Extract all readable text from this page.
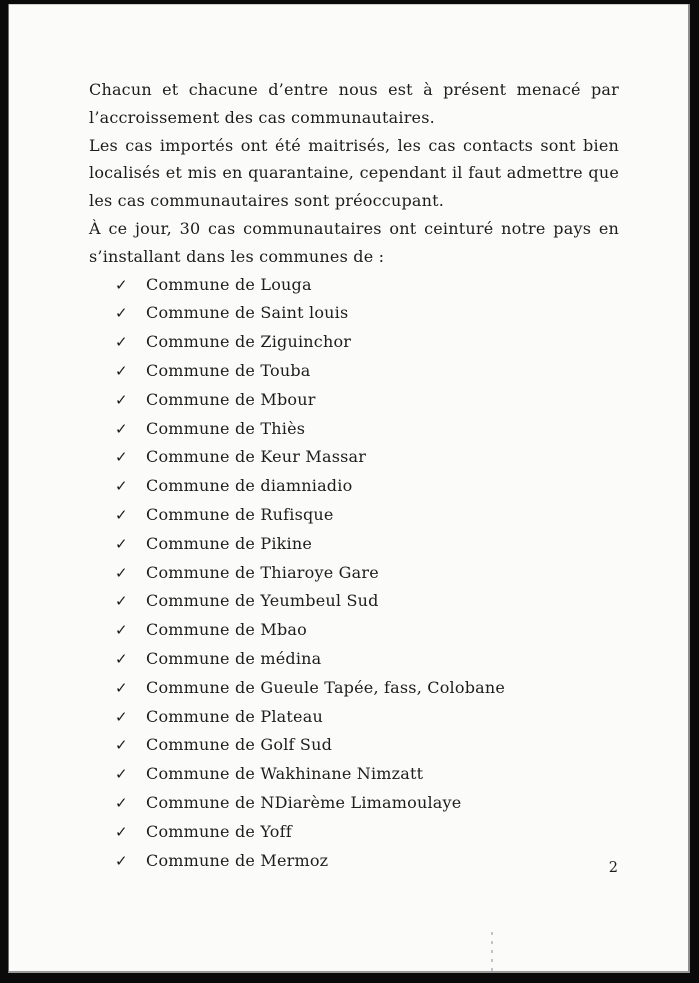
Chacun et chacune d’entre nous est à présent menacé par l’accroissement des cas communautaires.

Les cas importés ont été maitrisés, les cas contacts sont bien localisés et mis en quarantaine, cependant il faut admettre que les cas communautaires sont préoccupant.

À ce jour, 30 cas communautaires ont ceinturé notre pays en s’installant dans les communes de :

✓ Commune de Louga
✓ Commune de Saint louis
✓ Commune de Ziguinchor
✓ Commune de Touba
✓ Commune de Mbour
✓ Commune de Thiès
✓ Commune de Keur Massar
✓ Commune de diamniadio
✓ Commune de Rufisque
✓ Commune de Pikine
✓ Commune de Thiaroye Gare
✓ Commune de Yeumbeul Sud
✓ Commune de Mbao
✓ Commune de médina
✓ Commune de Gueule Tapée, fass, Colobane
✓ Commune de Plateau
✓ Commune de Golf Sud
✓ Commune de Wakhinane Nimzatt
✓ Commune de NDiarème Limamoulaye
✓ Commune de Yoff
✓ Commune de Mermoz	2
